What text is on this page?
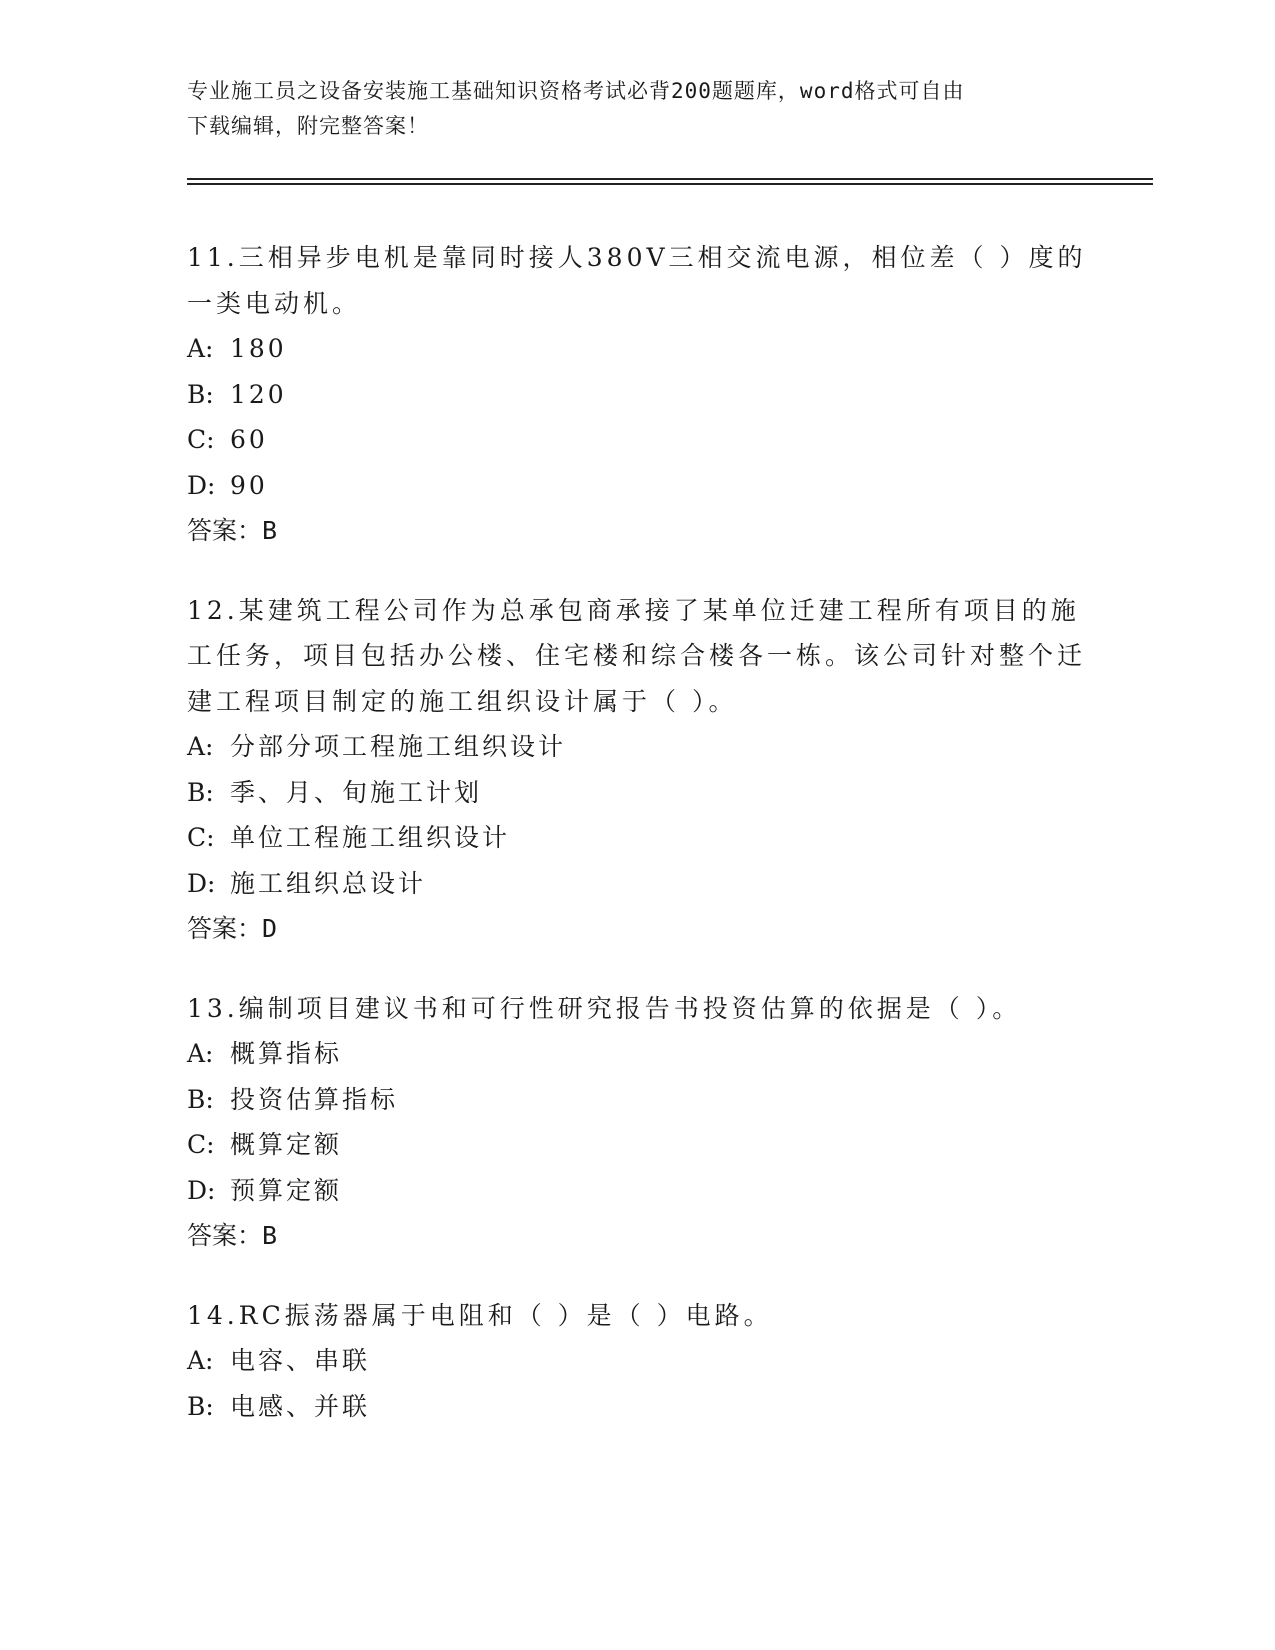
专业施工员之设备安装施工基础知识资格考试必背200题题库，word格式可自由
下载编辑，附完整答案！

11.三相异步电机是靠同时接人380V三相交流电源，相位差（ ）度的一类电动机。

A: 180

B: 120

C: 60

D: 90

答案：B

12.某建筑工程公司作为总承包商承接了某单位迁建工程所有项目的施工任务，项目包括办公楼、住宅楼和综合楼各一栋。该公司针对整个迁建工程项目制定的施工组织设计属于（ ）。

A: 分部分项工程施工组织设计

B: 季、月、旬施工计划

C: 单位工程施工组织设计

D: 施工组织总设计

答案：D

13.编制项目建议书和可行性研究报告书投资估算的依据是（ ）。

A: 概算指标

B: 投资估算指标

C: 概算定额

D: 预算定额

答案：B

14.RC振荡器属于电阻和（ ）是（ ）电路。

A: 电容、串联

B: 电感、并联
